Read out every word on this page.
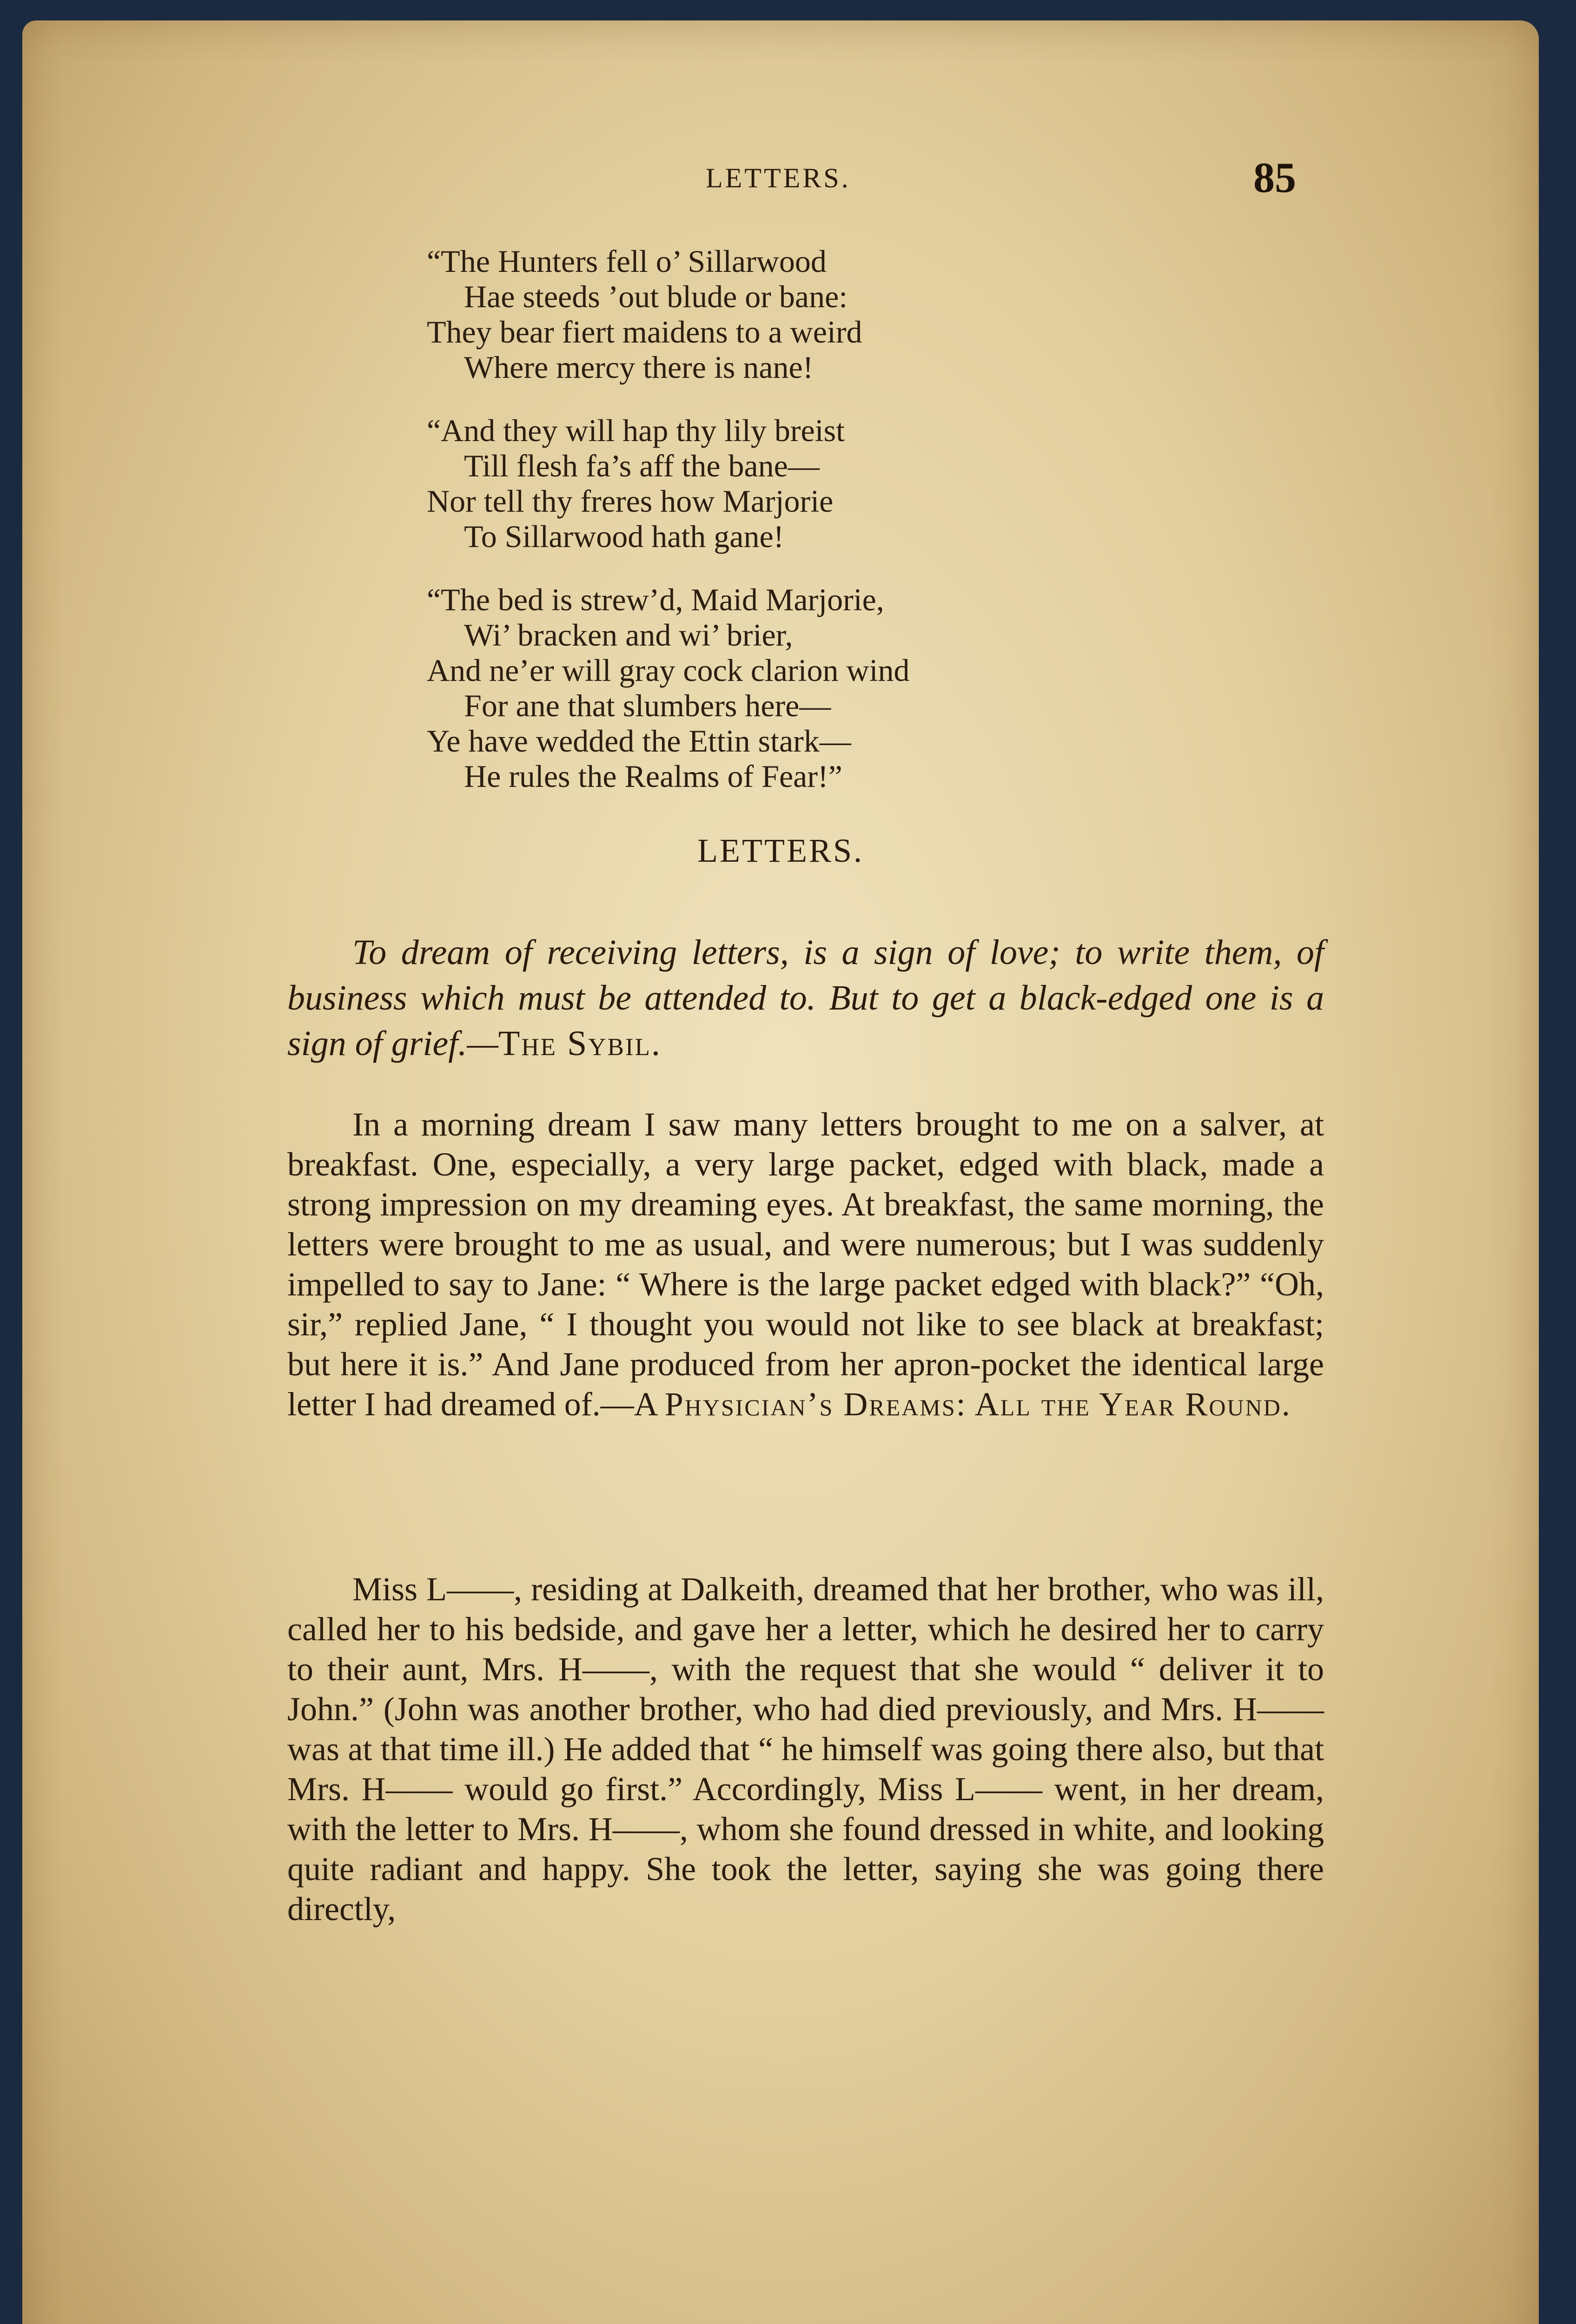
LETTERS.	85
“The Hunters fell o’ Sillarwood
Hae steeds ’out blude or bane:
They bear fiert maidens to a weird
Where mercy there is nane!
“And they will hap thy lily breist
Till flesh fa’s aff the bane—
Nor tell thy freres how Marjorie
To Sillarwood hath gane!
“The bed is strew’d, Maid Marjorie,
Wi’ bracken and wi’ brier,
And ne’er will gray cock clarion wind
For ane that slumbers here—
Ye have wedded the Ettin stark—
He rules the Realms of Fear!”
LETTERS.

To dream of receiving letters, is a sign of love; to write them, of business which must be attended to. But to get a black-edged one is a sign of grief.—The Sybil.

In a morning dream I saw many letters brought to me on a salver, at breakfast. One, especially, a very large packet, edged with black, made a strong impression on my dreaming eyes. At breakfast, the same morning, the letters were brought to me as usual, and were numerous; but I was suddenly impelled to say to Jane: “ Where is the large packet edged with black?” “Oh, sir,” replied Jane, “ I thought you would not like to see black at breakfast; but here it is.” And Jane produced from her apron-pocket the identical large letter I had dreamed of.—A Physician’s Dreams: All the Year Round.

Miss L——, residing at Dalkeith, dreamed that her brother, who was ill, called her to his bedside, and gave her a letter, which he desired her to carry to their aunt, Mrs. H——, with the request that she would “ deliver it to John.” (John was another brother, who had died previously, and Mrs. H—— was at that time ill.) He added that “ he himself was going there also, but that Mrs. H—— would go first.” Accordingly, Miss L—— went, in her dream, with the letter to Mrs. H——, whom she found dressed in white, and looking quite radiant and happy. She took the letter, saying she was going there directly,
